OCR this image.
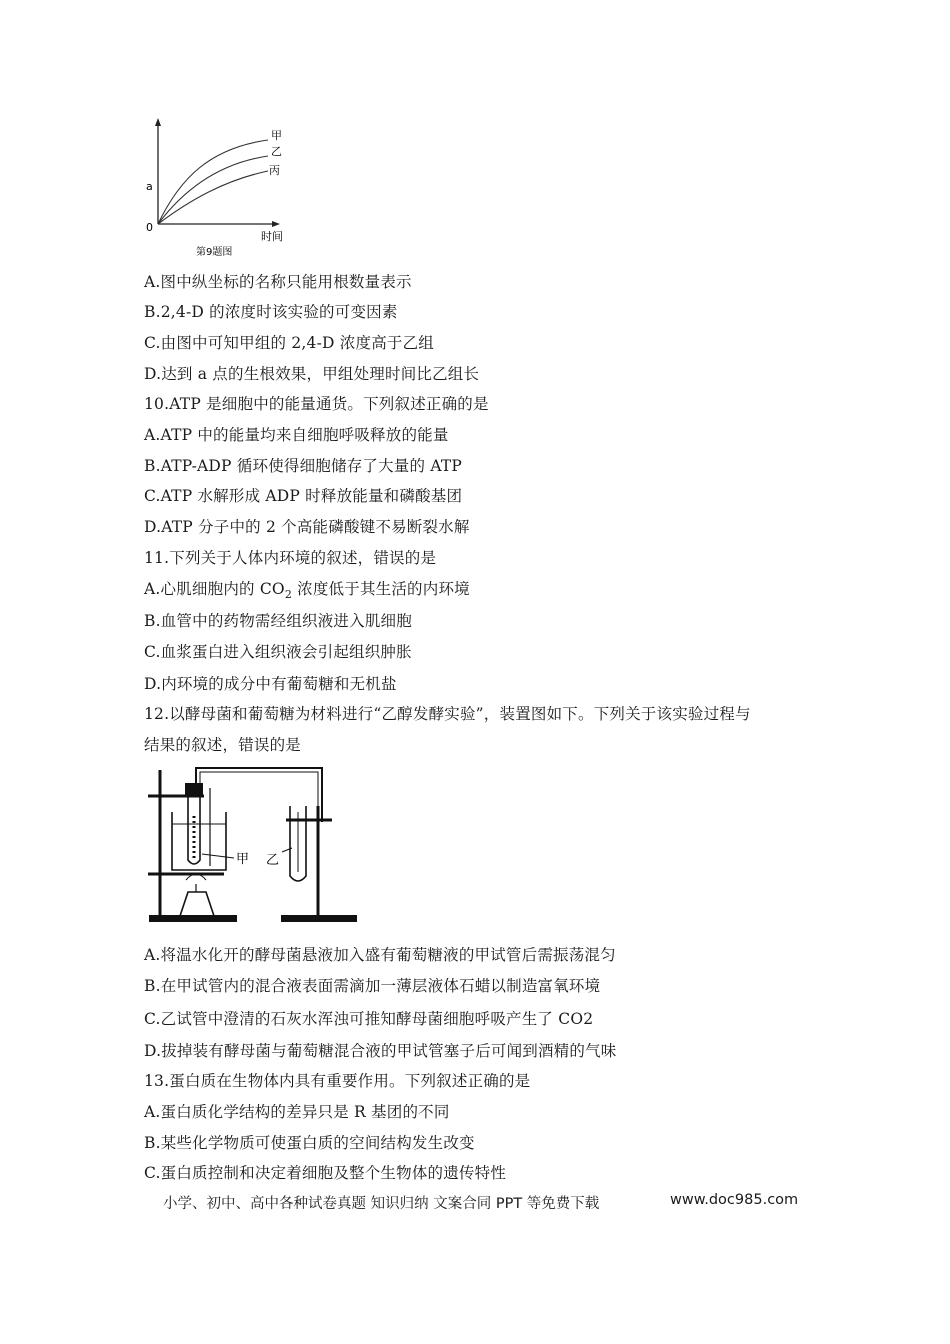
甲
乙
丙
a
0
时间
第9题图
A.图中纵坐标的名称只能用根数量表示
B.2,4-D 的浓度时该实验的可变因素
C.由图中可知甲组的 2,4-D 浓度高于乙组
D.达到 a 点的生根效果，甲组处理时间比乙组长
10.ATP 是细胞中的能量通货。下列叙述正确的是
A.ATP 中的能量均来自细胞呼吸释放的能量
B.ATP-ADP 循环使得细胞储存了大量的 ATP
C.ATP 水解形成 ADP 时释放能量和磷酸基团
D.ATP 分子中的 2 个高能磷酸键不易断裂水解
11.下列关于人体内环境的叙述，错误的是
A.心肌细胞内的 $CO_2$ 浓度低于其生活的内环境
B.血管中的药物需经组织液进入肌细胞
C.血浆蛋白进入组织液会引起组织肿胀
D.内环境的成分中有葡萄糖和无机盐
12.以酵母菌和葡萄糖为材料进行“乙醇发酵实验”，装置图如下。下列关于该实验过程与
结果的叙述，错误的是
甲 乙
A.将温水化开的酵母菌悬液加入盛有葡萄糖液的甲试管后需振荡混匀
B.在甲试管内的混合液表面需滴加一薄层液体石蜡以制造富氧环境
C.乙试管中澄清的石灰水浑浊可推知酵母菌细胞呼吸产生了 CO2
D.拔掉装有酵母菌与葡萄糖混合液的甲试管塞子后可闻到酒精的气味
13.蛋白质在生物体内具有重要作用。下列叙述正确的是
A.蛋白质化学结构的差异只是 R 基团的不同
B.某些化学物质可使蛋白质的空间结构发生改变
C.蛋白质控制和决定着细胞及整个生物体的遗传特性
小学、初中、高中各种试卷真题 知识归纳 文案合同 PPT 等免费下载	www.doc985.com
